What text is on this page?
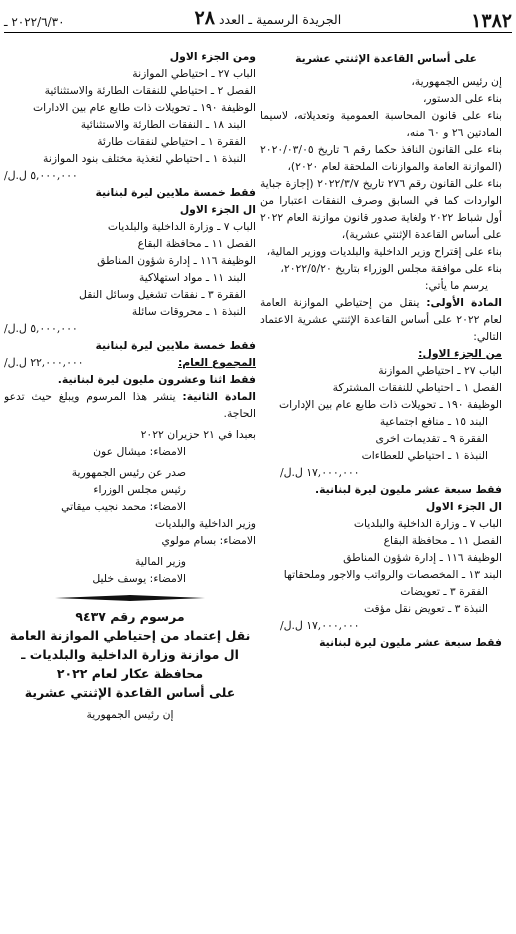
١٣٨٢
الجريدة الرسمية ـ العدد ٢٨
٢٠٢٢/٦/٣٠ ـ
على أساس القاعدة الإثنتي عشرية
إن رئيس الجمهورية،
بناء على الدستور،
بناء على قانون المحاسبة العمومية وتعديلاته، لاسيما المادتين ٢٦ و ٦٠ منه،
بناء على القانون النافذ حكما رقم ٦ تاريخ ٢٠٢٠/٠٣/٠٥ (الموازنة العامة والموازنات الملحقة لعام ٢٠٢٠)،
بناء على القانون رقم ٢٧٦ تاريخ ٢٠٢٢/٣/٧ (إجازة جباية الواردات كما في السابق وصرف النفقات اعتبارا من أول شباط ٢٠٢٢ ولغاية صدور قانون موازنة العام ٢٠٢٢ على أساس القاعدة الإثنتي عشرية)،
بناء على إقتراح وزير الداخلية والبلديات ووزير المالية،
بناء على موافقة مجلس الوزراء بتاريخ ٢٠٢٢/٥/٢٠،
يرسم ما يأتي:
المادة الأولى: ينقل من إحتياطي الموازنة العامة لعام ٢٠٢٢ على أساس القاعدة الإثنتي عشرية الاعتماد التالي:
من الجزء الاول:
الباب ٢٧ ـ احتياطي الموازنة
الفصل ١ ـ احتياطي للنفقات المشتركة
الوظيفة ١٩٠ ـ تحويلات ذات طابع عام بين الإدارات
البند ١٥ ـ منافع اجتماعية
الفقرة ٩ ـ تقديمات اخرى
النبذة ١ ـ احتياطي للعطاءات
١٧,٠٠٠,٠٠٠ ل.ل/
فقط سبعة عشر مليون ليرة لبنانية.
ال الجزء الاول
الباب ٧ ـ وزارة الداخلية والبلديات
الفصل ١١ ـ محافظة البقاع
الوظيفة ١١٦ ـ إدارة شؤون المناطق
البند ١٣ ـ المخصصات والرواتب والاجور وملحقاتها
الفقرة ٣ ـ تعويضات
النبذة ٣ ـ تعويض نقل مؤقت
١٧,٠٠٠,٠٠٠ ل.ل/
فقط سبعة عشر مليون ليرة لبنانية
ومن الجزء الاول
الباب ٢٧ ـ احتياطي الموازنة
الفصل ٢ ـ احتياطي للنفقات الطارئة والاستثنائية
الوظيفة ١٩٠ ـ تحويلات ذات طابع عام بين الادارات
البند ١٨ ـ النفقات الطارئة والاستثنائية
الفقرة ١ ـ احتياطي لنفقات طارئة
النبذة ١ ـ احتياطي لتغذية مختلف بنود الموازنة
٥,٠٠٠,٠٠٠ ل.ل/
فقط خمسة ملايين ليرة لبنانية
ال الجزء الاول
الباب ٧ ـ وزارة الداخلية والبلديات
الفصل ١١ ـ محافظة البقاع
الوظيفة ١١٦ ـ إدارة شؤون المناطق
البند ١١ ـ مواد استهلاكية
الفقرة ٣ ـ نفقات تشغيل وسائل النقل
النبذة ١ ـ محروقات سائلة
٥,٠٠٠,٠٠٠ ل.ل/
فقط خمسة ملايين ليرة لبنانية
المجموع العام:
٢٢,٠٠٠,٠٠٠ ل.ل/
فقط اثنا وعشرون مليون ليرة لبنانية.
المادة الثانية: ينشر هذا المرسوم ويبلغ حيث تدعو الحاجة.
بعبدا في ٢١ حزيران ٢٠٢٢
الامضاء: ميشال عون
صدر عن رئيس الجمهورية
رئيس مجلس الوزراء
الامضاء: محمد نجيب ميقاتي
وزير الداخلية والبلديات
الامضاء: بسام مولوي
وزير المالية
الامضاء: يوسف خليل
مرسوم رقم ٩٤٣٧
نقل إعتماد من إحتياطي الموازنة العامة
ال موازنة وزارة الداخلية والبلديات ـ
محافظة عكار لعام ٢٠٢٢
على أساس القاعدة الإثنتي عشرية
إن رئيس الجمهورية
